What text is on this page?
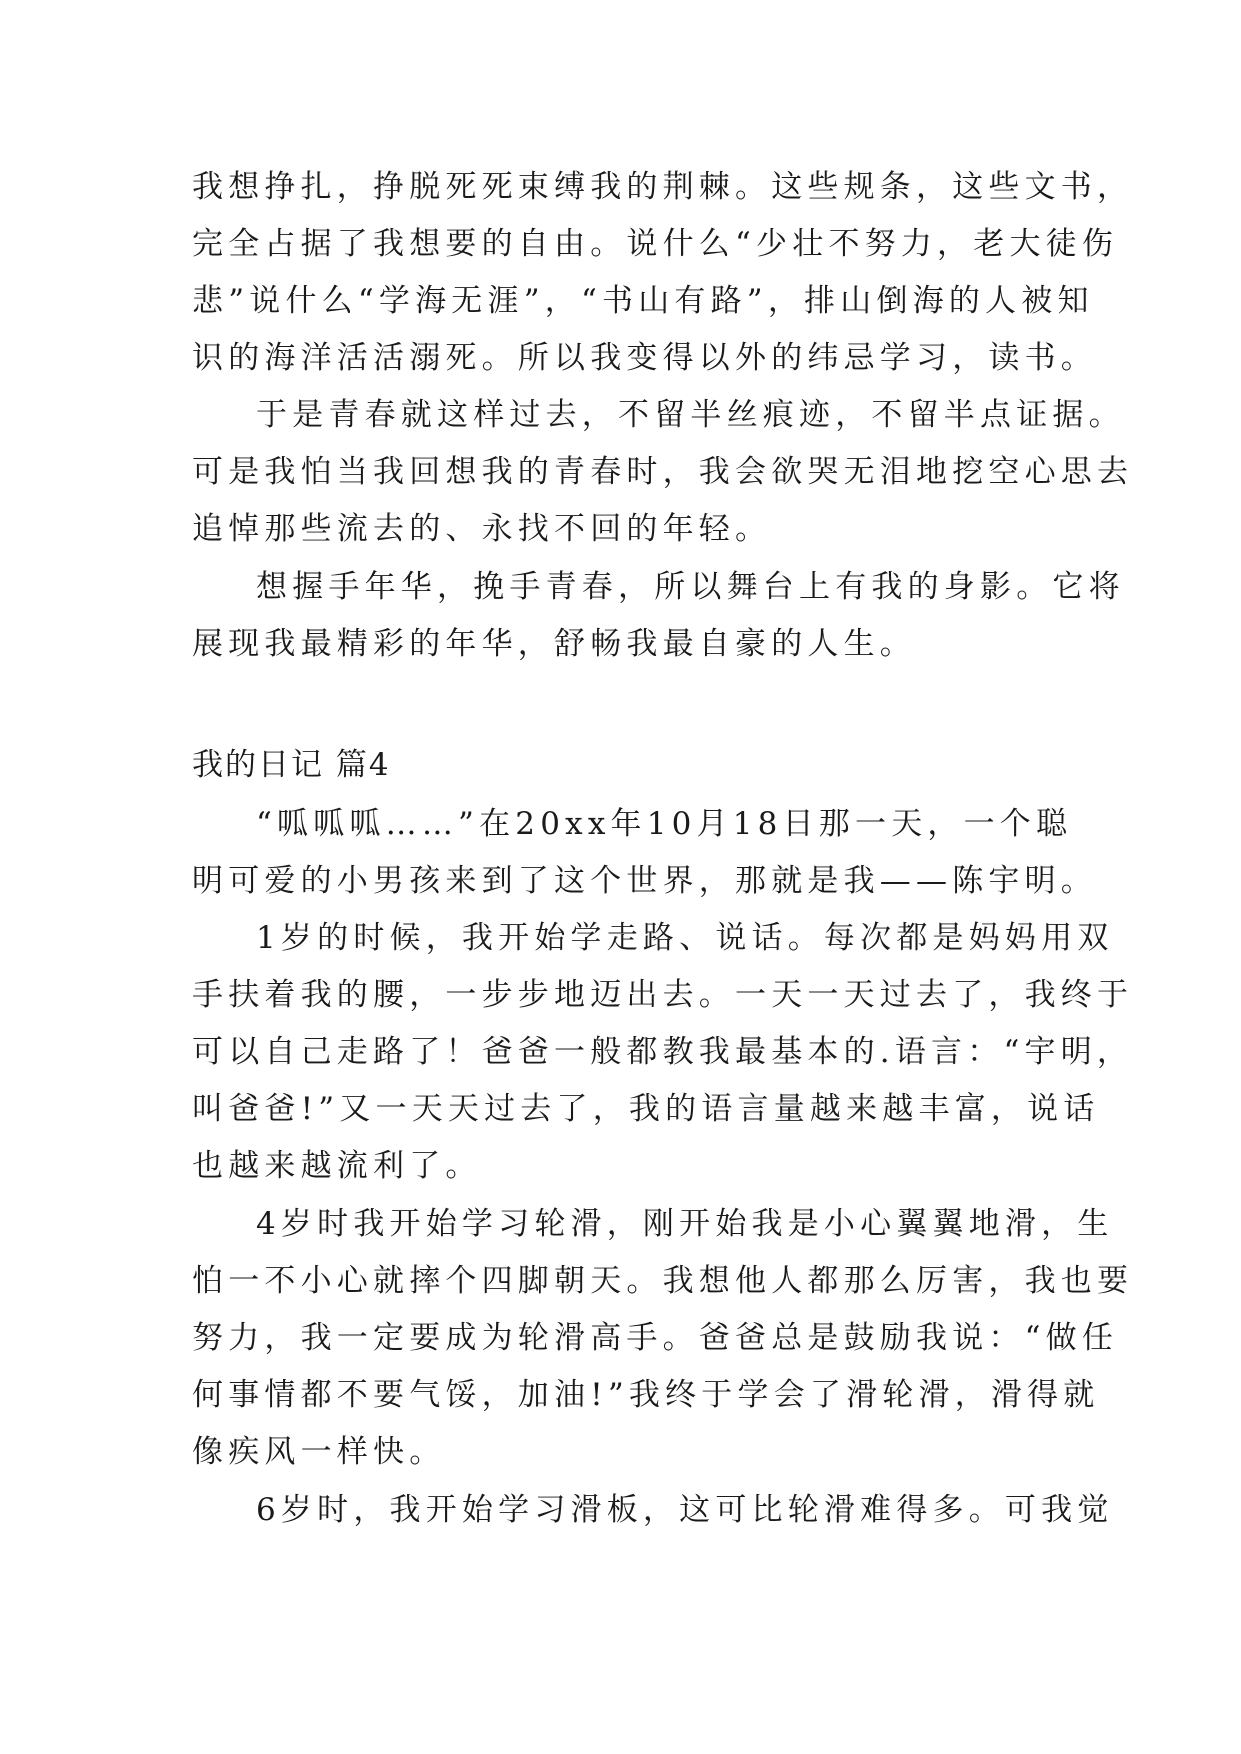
我想挣扎，挣脱死死束缚我的荆棘。这些规条，这些文书，
完全占据了我想要的自由。说什么“少壮不努力，老大徒伤
悲”说什么“学海无涯”，“书山有路”，排山倒海的人被知
识的海洋活活溺死。所以我变得以外的纬忌学习，读书。
于是青春就这样过去，不留半丝痕迹，不留半点证据。
可是我怕当我回想我的青春时，我会欲哭无泪地挖空心思去
追悼那些流去的、永找不回的年轻。
想握手年华，挽手青春，所以舞台上有我的身影。它将
展现我最精彩的年华，舒畅我最自豪的人生。
我的日记 篇4
“呱呱呱……”在20xx年10月18日那一天，一个聪
明可爱的小男孩来到了这个世界，那就是我——陈宇明。
1岁的时候，我开始学走路、说话。每次都是妈妈用双
手扶着我的腰，一步步地迈出去。一天一天过去了，我终于
可以自己走路了！爸爸一般都教我最基本的.语言：“宇明，
叫爸爸!”又一天天过去了，我的语言量越来越丰富，说话
也越来越流利了。
4岁时我开始学习轮滑，刚开始我是小心翼翼地滑，生
怕一不小心就摔个四脚朝天。我想他人都那么厉害，我也要
努力，我一定要成为轮滑高手。爸爸总是鼓励我说：“做任
何事情都不要气馁，加油!”我终于学会了滑轮滑，滑得就
像疾风一样快。
6岁时，我开始学习滑板，这可比轮滑难得多。可我觉
